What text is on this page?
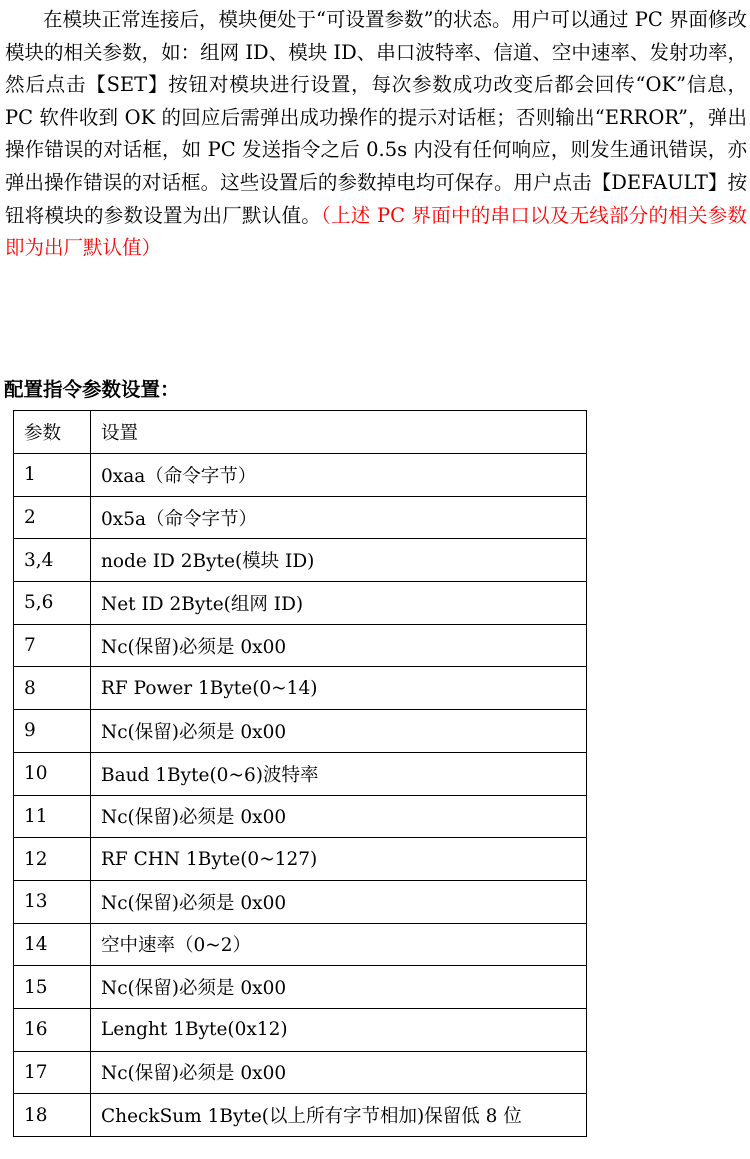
在模块正常连接后，模块便处于“可设置参数”的状态。用户可以通过 PC 界面修改模块的相关参数，如：组网 ID、模块 ID、串口波特率、信道、空中速率、发射功率，然后点击【SET】按钮对模块进行设置，每次参数成功改变后都会回传“OK”信息，PC 软件收到 OK 的回应后需弹出成功操作的提示对话框；否则输出“ERROR”，弹出操作错误的对话框，如 PC 发送指令之后 0.5s 内没有任何响应，则发生通讯错误，亦弹出操作错误的对话框。这些设置后的参数掉电均可保存。用户点击【DEFAULT】按钮将模块的参数设置为出厂默认值。（上述 PC 界面中的串口以及无线部分的相关参数即为出厂默认值）

配置指令参数设置：
参数	设置
1	0xaa（命令字节）
2	0x5a（命令字节）
3,4	node ID 2Byte(模块 ID)
5,6	Net ID 2Byte(组网 ID)
7	Nc(保留)必须是 0x00
8	RF Power 1Byte(0~14)
9	Nc(保留)必须是 0x00
10	Baud 1Byte(0~6)波特率
11	Nc(保留)必须是 0x00
12	RF CHN 1Byte(0~127)
13	Nc(保留)必须是 0x00
14	空中速率（0~2）
15	Nc(保留)必须是 0x00
16	Lenght 1Byte(0x12)
17	Nc(保留)必须是 0x00
18	CheckSum 1Byte(以上所有字节相加)保留低 8 位
